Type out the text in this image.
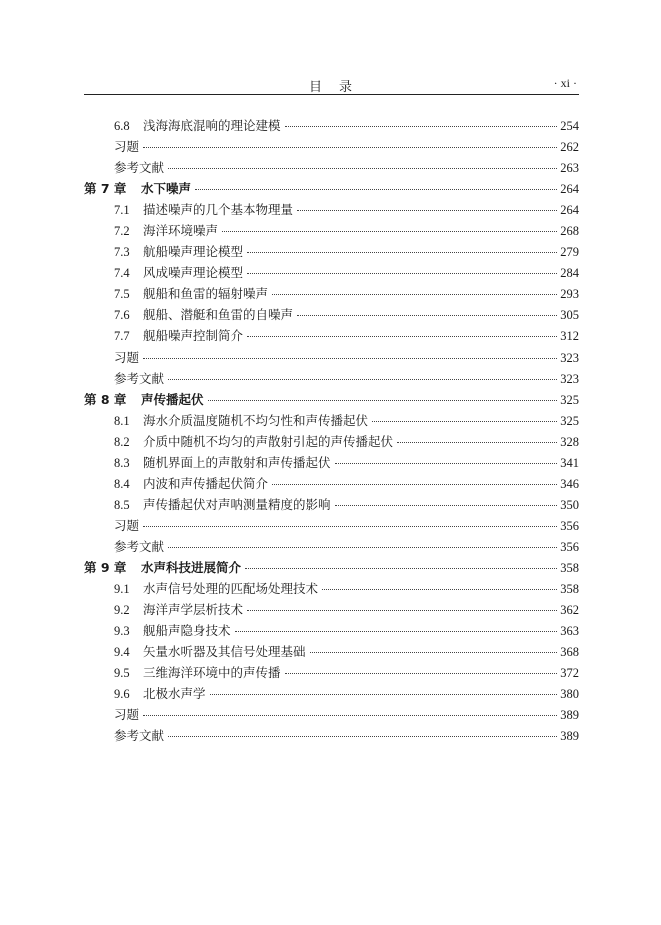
目　录	· xi ·
6.8	浅海海底混响的理论建模	254
习题	262
参考文献	263
第 7 章	水下噪声	264
7.1	描述噪声的几个基本物理量	264
7.2	海洋环境噪声	268
7.3	航船噪声理论模型	279
7.4	风成噪声理论模型	284
7.5	舰船和鱼雷的辐射噪声	293
7.6	舰船、潜艇和鱼雷的自噪声	305
7.7	舰船噪声控制简介	312
习题	323
参考文献	323
第 8 章	声传播起伏	325
8.1	海水介质温度随机不均匀性和声传播起伏	325
8.2	介质中随机不均匀的声散射引起的声传播起伏	328
8.3	随机界面上的声散射和声传播起伏	341
8.4	内波和声传播起伏简介	346
8.5	声传播起伏对声呐测量精度的影响	350
习题	356
参考文献	356
第 9 章	水声科技进展简介	358
9.1	水声信号处理的匹配场处理技术	358
9.2	海洋声学层析技术	362
9.3	舰船声隐身技术	363
9.4	矢量水听器及其信号处理基础	368
9.5	三维海洋环境中的声传播	372
9.6	北极水声学	380
习题	389
参考文献	389
